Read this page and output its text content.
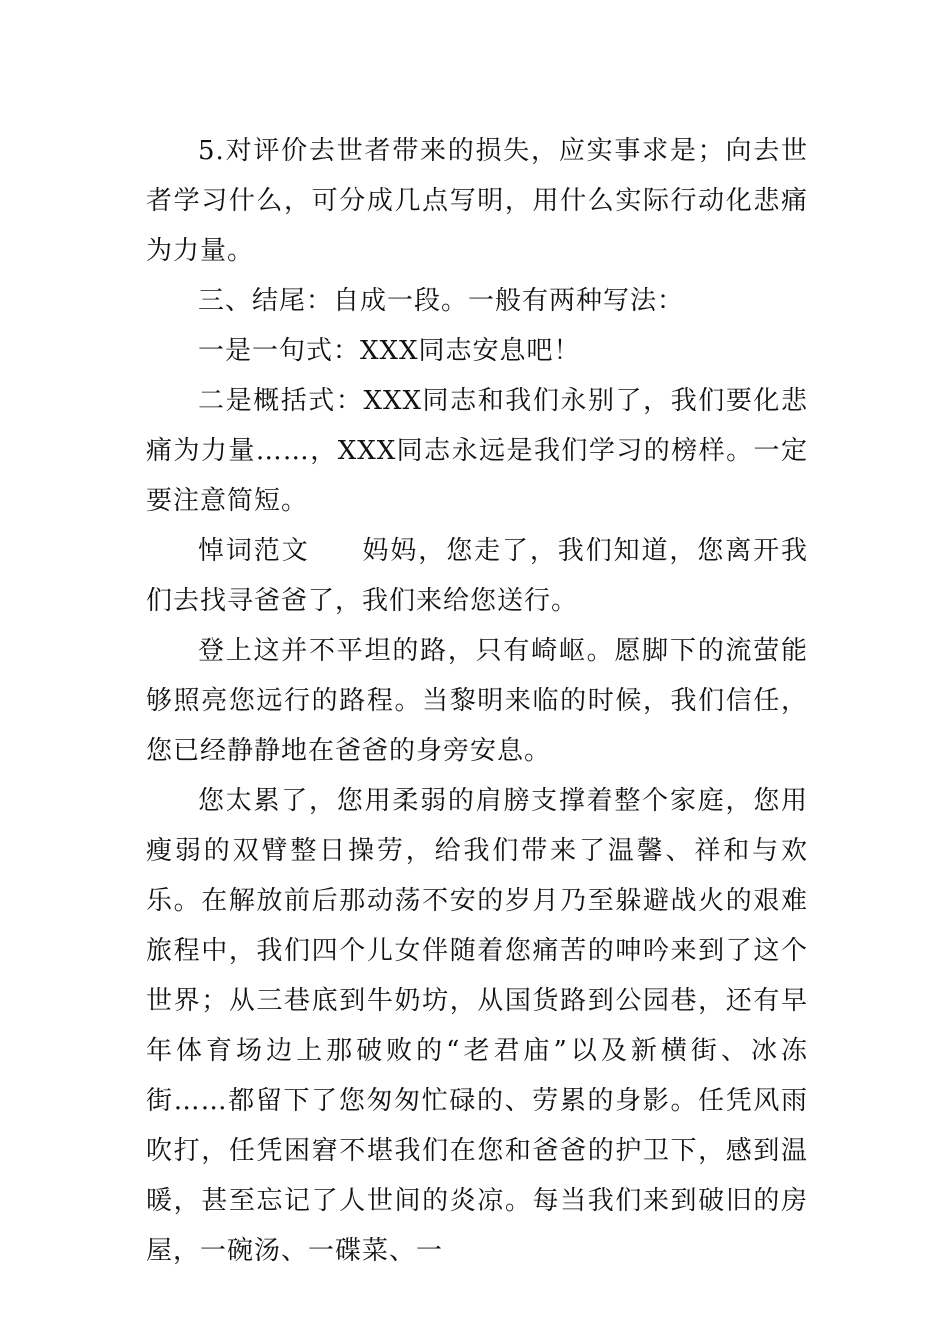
5.对评价去世者带来的损失，应实事求是；向去世者学习什么，可分成几点写明，用什么实际行动化悲痛为力量。

三、结尾：自成一段。一般有两种写法：

一是一句式：XXX同志安息吧！

二是概括式：XXX同志和我们永别了，我们要化悲痛为力量……，XXX同志永远是我们学习的榜样。一定要注意简短。

悼词范文 妈妈，您走了，我们知道，您离开我们去找寻爸爸了，我们来给您送行。

登上这并不平坦的路，只有崎岖。愿脚下的流萤能够照亮您远行的路程。当黎明来临的时候，我们信任，您已经静静地在爸爸的身旁安息。

您太累了，您用柔弱的肩膀支撑着整个家庭，您用瘦弱的双臂整日操劳，给我们带来了温馨、祥和与欢乐。在解放前后那动荡不安的岁月乃至躲避战火的艰难旅程中，我们四个儿女伴随着您痛苦的呻吟来到了这个世界；从三巷底到牛奶坊，从国货路到公园巷，还有早年体育场边上那破败的“老君庙”以及新横街、冰冻街……都留下了您匆匆忙碌的、劳累的身影。任凭风雨吹打，任凭困窘不堪我们在您和爸爸的护卫下，感到温暖，甚至忘记了人世间的炎凉。每当我们来到破旧的房屋，一碗汤、一碟菜、一
